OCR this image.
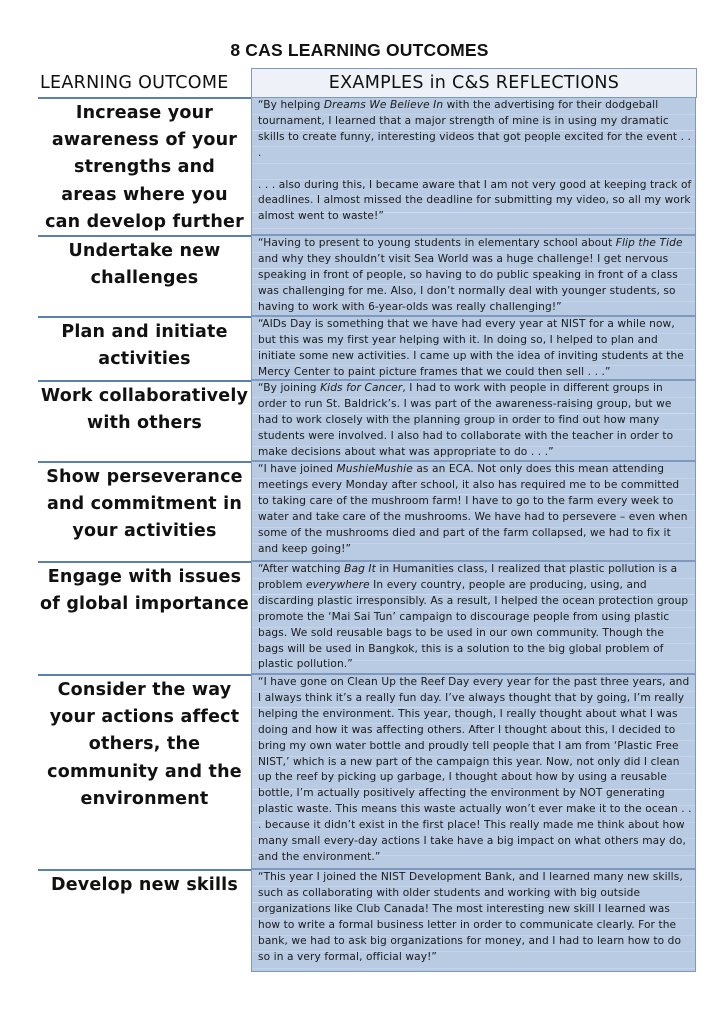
8 CAS LEARNING OUTCOMES
LEARNING OUTCOME	EXAMPLES in C&S REFLECTIONS
Increase your awareness of your strengths and areas where you can develop further
“By helping Dreams We Believe In with the advertising for their dodgeball tournament, I learned that a major strength of mine is in using my dramatic skills to create funny, interesting videos that got people excited for the event . . .
. . . also during this, I became aware that I am not very good at keeping track of deadlines. I almost missed the deadline for submitting my video, so all my work almost went to waste!”
Undertake new challenges
“Having to present to young students in elementary school about Flip the Tide and why they shouldn’t visit Sea World was a huge challenge! I get nervous speaking in front of people, so having to do public speaking in front of a class was challenging for me. Also, I don’t normally deal with younger students, so having to work with 6-year-olds was really challenging!”
Plan and initiate activities
“AIDs Day is something that we have had every year at NIST for a while now, but this was my first year helping with it. In doing so, I helped to plan and initiate some new activities. I came up with the idea of inviting students at the Mercy Center to paint picture frames that we could then sell . . .”
Work collaboratively with others
“By joining Kids for Cancer, I had to work with people in different groups in order to run St. Baldrick’s. I was part of the awareness-raising group, but we had to work closely with the planning group in order to find out how many students were involved. I also had to collaborate with the teacher in order to make decisions about what was appropriate to do . . .”
Show perseverance and commitment in your activities
“I have joined MushieMushie as an ECA. Not only does this mean attending meetings every Monday after school, it also has required me to be committed to taking care of the mushroom farm! I have to go to the farm every week to water and take care of the mushrooms. We have had to persevere – even when some of the mushrooms died and part of the farm collapsed, we had to fix it and keep going!”
Engage with issues of global importance
“After watching Bag It in Humanities class, I realized that plastic pollution is a problem everywhere In every country, people are producing, using, and discarding plastic irresponsibly. As a result, I helped the ocean protection group promote the ‘Mai Sai Tun’ campaign to discourage people from using plastic bags. We sold reusable bags to be used in our own community. Though the bags will be used in Bangkok, this is a solution to the big global problem of plastic pollution.”
Consider the way your actions affect others, the community and the environment
“I have gone on Clean Up the Reef Day every year for the past three years, and I always think it’s a really fun day. I’ve always thought that by going, I’m really helping the environment. This year, though, I really thought about what I was doing and how it was affecting others. After I thought about this, I decided to bring my own water bottle and proudly tell people that I am from ‘Plastic Free NIST,’ which is a new part of the campaign this year. Now, not only did I clean up the reef by picking up garbage, I thought about how by using a reusable bottle, I’m actually positively affecting the environment by NOT generating plastic waste. This means this waste actually won’t ever make it to the ocean . . . because it didn’t exist in the first place! This really made me think about how many small every-day actions I take have a big impact on what others may do, and the environment.”
Develop new skills	“This year I joined the NIST Development Bank, and I learned many new skills, such as collaborating with older students and working with big outside organizations like Club Canada! The most interesting new skill I learned was how to write a formal business letter in order to communicate clearly. For the bank, we had to ask big organizations for money, and I had to learn how to do so in a very formal, official way!”
